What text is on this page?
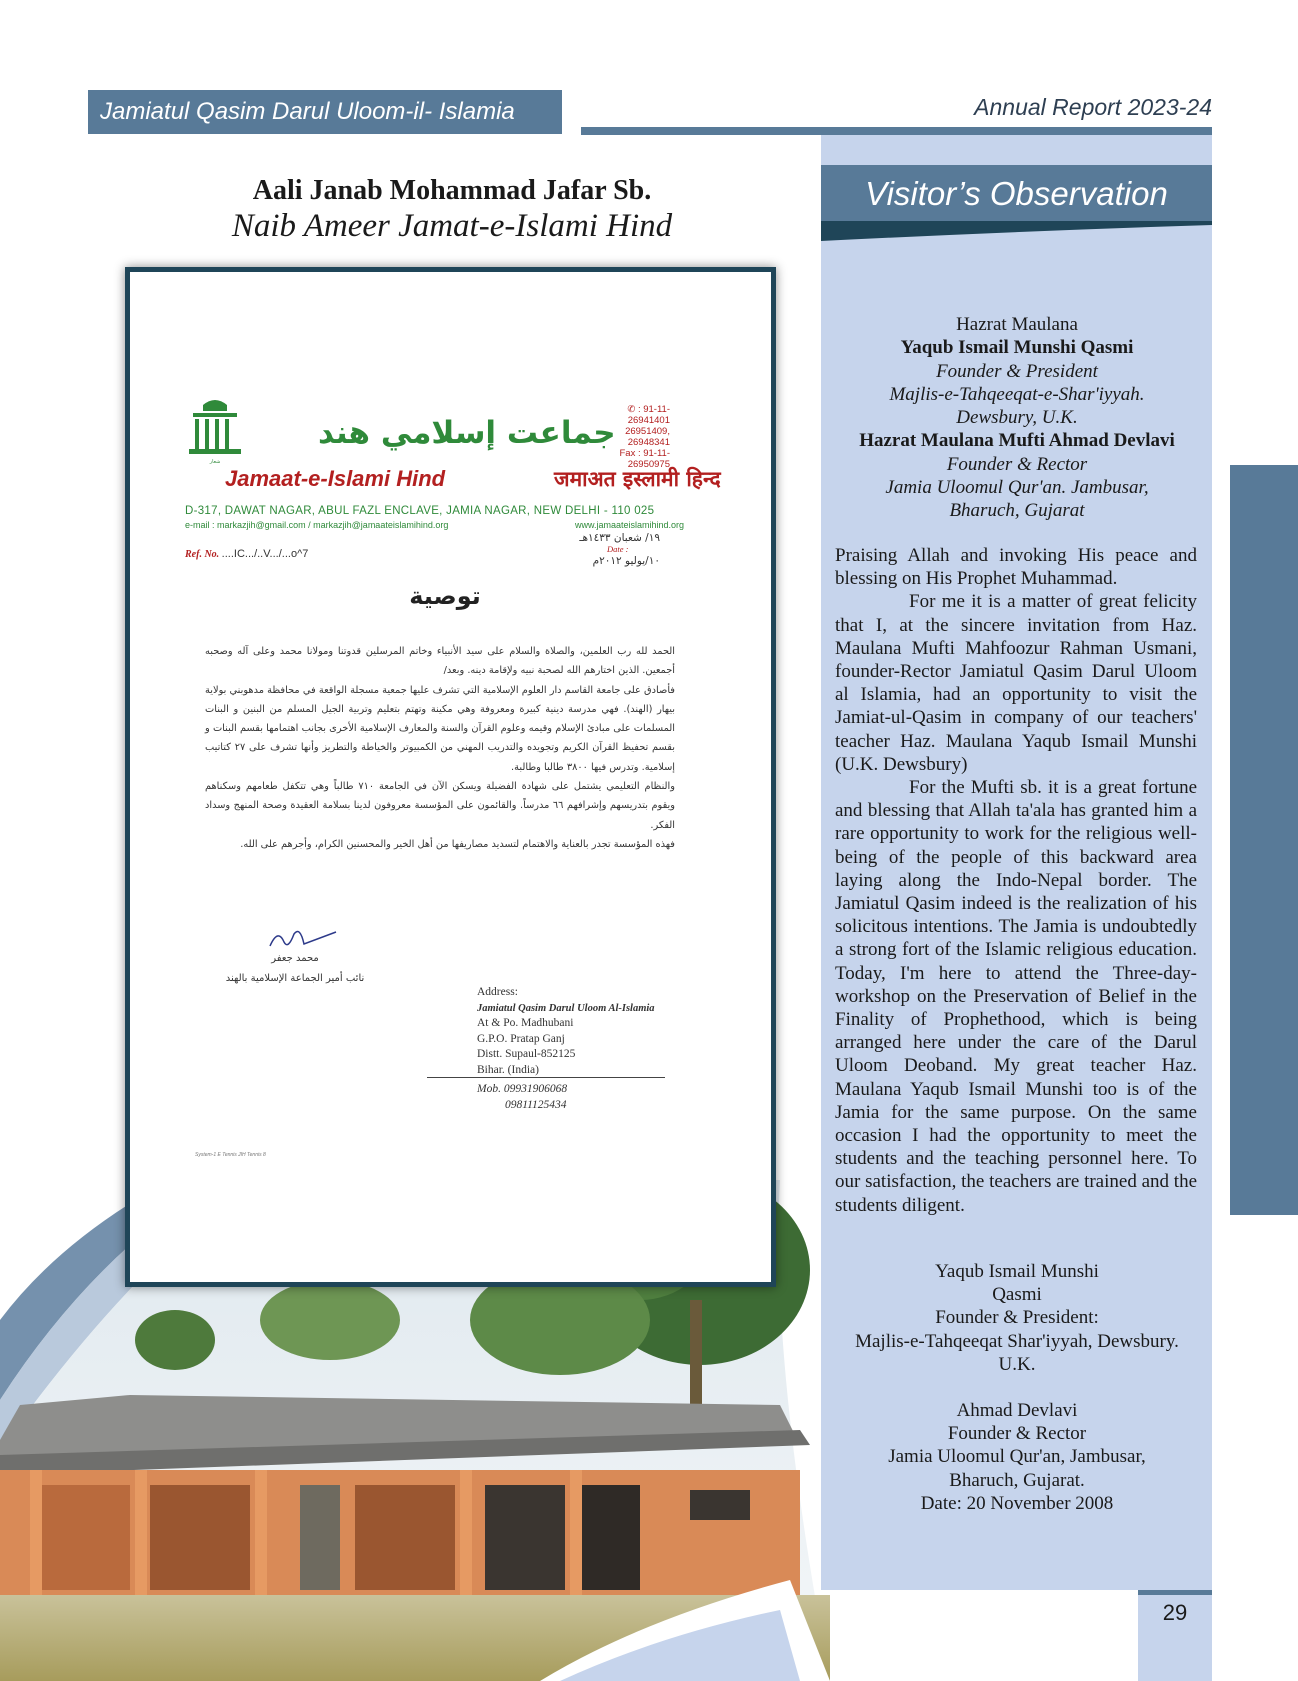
Jamiatul Qasim Darul Uloom-il- Islamia	Annual Report 2023-24
Visitor’s Observation
Hazrat Maulana
Yaqub Ismail Munshi Qasmi
Founder & President
Majlis-e-Tahqeeqat-e-Shar'iyyah.
Dewsbury, U.K.
Hazrat Maulana Mufti Ahmad Devlavi
Founder & Rector
Jamia Uloomul Qur'an. Jambusar,
Bharuch, Gujarat

Praising Allah and invoking His peace and blessing on His Prophet Muhammad.

For me it is a matter of great felicity that I, at the sincere invitation from Haz. Maulana Mufti Mahfoozur Rahman Usmani, founder-Rector Jamiatul Qasim Darul Uloom al Islamia, had an opportunity to visit the Jamiat-ul-Qasim in company of our teachers' teacher Haz. Maulana Yaqub Ismail Munshi (U.K. Dewsbury)

For the Mufti sb. it is a great fortune and blessing that Allah ta'ala has granted him a rare opportunity to work for the religious well-being of the people of this backward area laying along the Indo-Nepal border. The Jamiatul Qasim indeed is the realization of his solicitous intentions. The Jamia is undoubtedly a strong fort of the Islamic religious education. Today, I'm here to attend the Three-day-workshop on the Preservation of Belief in the Finality of Prophethood, which is being arranged here under the care of the Darul Uloom Deoband. My great teacher Haz. Maulana Yaqub Ismail Munshi too is of the Jamia for the same purpose. On the same occasion I had the opportunity to meet the students and the teaching personnel here. To our satisfaction, the teachers are trained and the students diligent.

Yaqub Ismail Munshi
Qasmi
Founder & President:
Majlis-e-Tahqeeqat Shar'iyyah, Dewsbury.
U.K.
Ahmad Devlavi
Founder & Rector
Jamia Uloomul Qur'an, Jambusar,
Bharuch, Gujarat.
Date: 20 November 2008
29
Aali Janab Mohammad Jafar Sb.
Naib Ameer Jamat-e-Islami Hind
شعار
جماعت إسلامي هند
✆ : 91-11-26941401
26951409, 26948341
Fax : 91-11-26950975
Jamaat-e-Islami Hind	जमाअत इस्लामी हिन्द
D-317, DAWAT NAGAR, ABUL FAZL ENCLAVE, JAMIA NAGAR, NEW DELHI - 110 025
e-mail : markazjih@gmail.com / markazjih@jamaateislamihind.org	www.jamaateislamihind.org
Ref. No. ....IC.../..V.../...o^7
١٩/ شعبان ١٤٣٣هـ
Date :
١٠/يوليو ٢٠١٢م
توصية
الحمد لله رب العلمين، والصلاة والسلام على سيد الأنبياء وخاتم المرسلين قدوتنا ومولانا محمد وعلى آله وصحبه أجمعين. الذين اختارهم الله لصحبة نبيه ولإقامة دينه. وبعد/
فأصادق على جامعة القاسم دار العلوم الإسلامية التي تشرف عليها جمعية مسجلة الواقعة في محافظة مدهوبني بولاية بيهار (الهند). فهي مدرسة دينية كبيرة ومعروفة وهي مكينة وتهتم بتعليم وتربية الجيل المسلم من البنين و البنات المسلمات على مبادئ الإسلام وقيمه وعلوم القرآن والسنة والمعارف الإسلامية الأخرى بجانب اهتمامها بقسم البنات و بقسم تحفيظ القرآن الكريم وتجويده والتدريب المهني من الكمبيوتر والخياطة والتطريز وأنها تشرف على ٢٧ كتاتيب إسلامية. وتدرس فيها ٣٨٠٠ طالبا وطالبة.
والنظام التعليمي يشتمل على شهادة الفضيلة ويسكن الآن في الجامعة ٧١٠ طالباً وهي تتكفل طعامهم وسكناهم ويقوم بتدريسهم وإشرافهم ٦٦ مدرساً. والقائمون على المؤسسة معروفون لدينا بسلامة العقيدة وصحة المنهج وسداد الفكر.
فهذه المؤسسة تجدر بالعناية والاهتمام لتسديد مصاريفها من أهل الخير والمحسنين الكرام، وأجرهم على الله.
محمد جعفر
نائب أمير الجماعة الإسلامية بالهند
Address:
Jamiatul Qasim Darul Uloom Al-Islamia
At & Po. Madhubani
G.P.O. Pratap Ganj
Distt. Supaul-852125
Bihar. (India)
Mob. 09931906068
09811125434
System-1 E Tennis JIH Tennis 8
